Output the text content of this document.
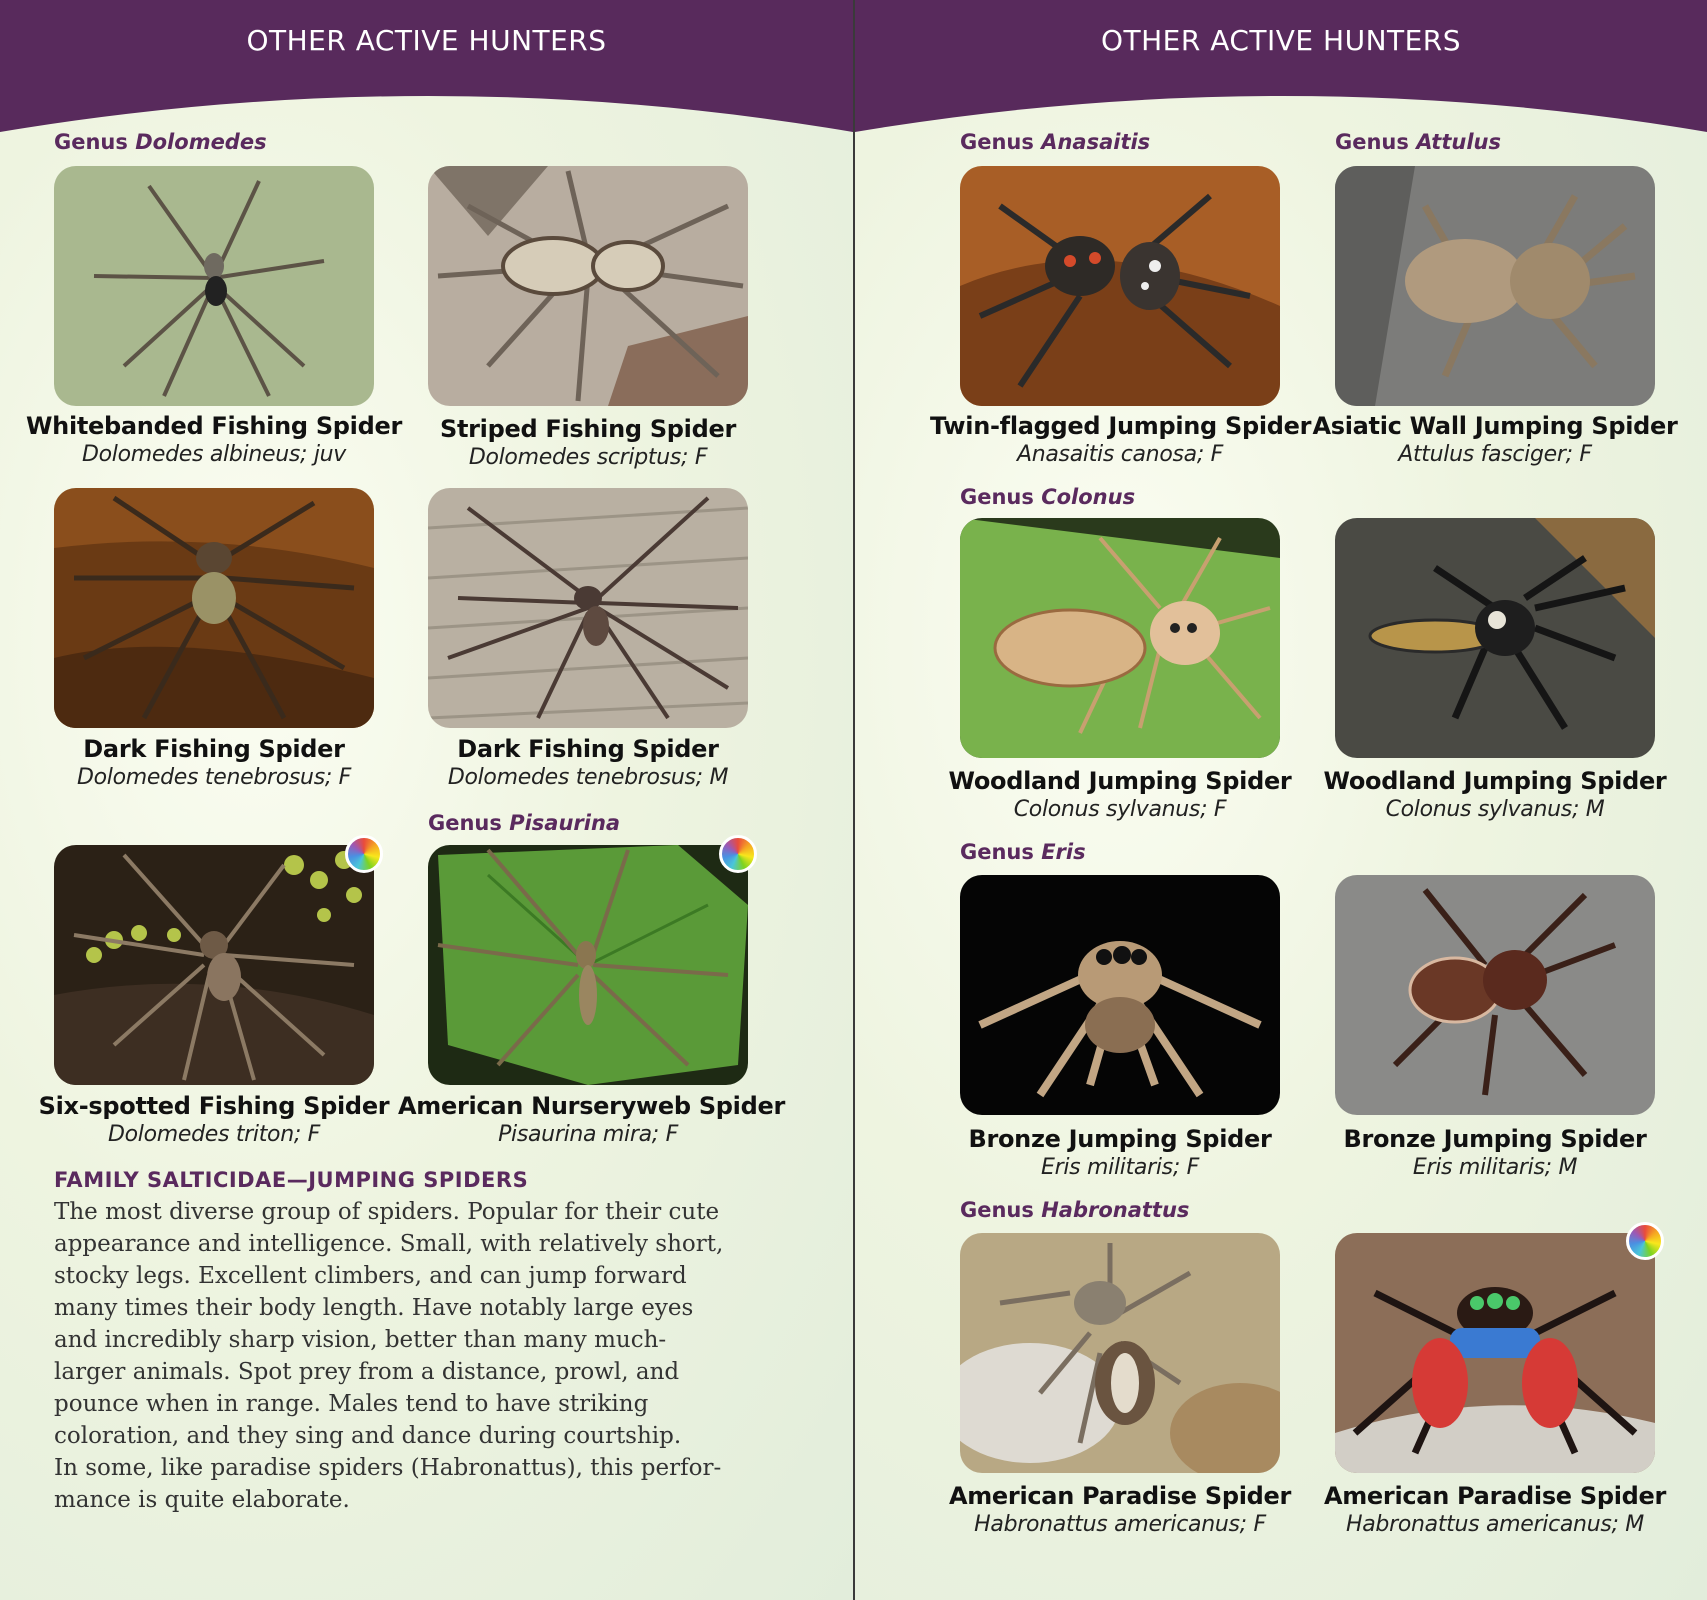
OTHER ACTIVE HUNTERS
Genus Dolomedes
Whitebanded Fishing Spider
Dolomedes albineus; juv
Striped Fishing Spider
Dolomedes scriptus; F
Dark Fishing Spider
Dolomedes tenebrosus; F
Dark Fishing Spider
Dolomedes tenebrosus; M
Genus Pisaurina
Six-spotted Fishing Spider
Dolomedes triton; F
American Nurseryweb Spider
Pisaurina mira; F
FAMILY SALTICIDAE—JUMPING SPIDERS

The most diverse group of spiders. Popular for their cute
appearance and intelligence. Small, with relatively short,
stocky legs. Excellent climbers, and can jump forward
many times their body length. Have notably large eyes
and incredibly sharp vision, better than many much-
larger animals. Spot prey from a distance, prowl, and
pounce when in range. Males tend to have striking
coloration, and they sing and dance during courtship.
In some, like paradise spiders (Habronattus), this perfor-
mance is quite elaborate.

OTHER ACTIVE HUNTERS
Genus Anasaitis	Genus Attulus
Twin-flagged Jumping Spider
Anasaitis canosa; F
Asiatic Wall Jumping Spider
Attulus fasciger; F
Genus Colonus
Woodland Jumping Spider
Colonus sylvanus; F
Woodland Jumping Spider
Colonus sylvanus; M
Genus Eris
Bronze Jumping Spider
Eris militaris; F
Bronze Jumping Spider
Eris militaris; M
Genus Habronattus
American Paradise Spider
Habronattus americanus; F
American Paradise Spider
Habronattus americanus; M
